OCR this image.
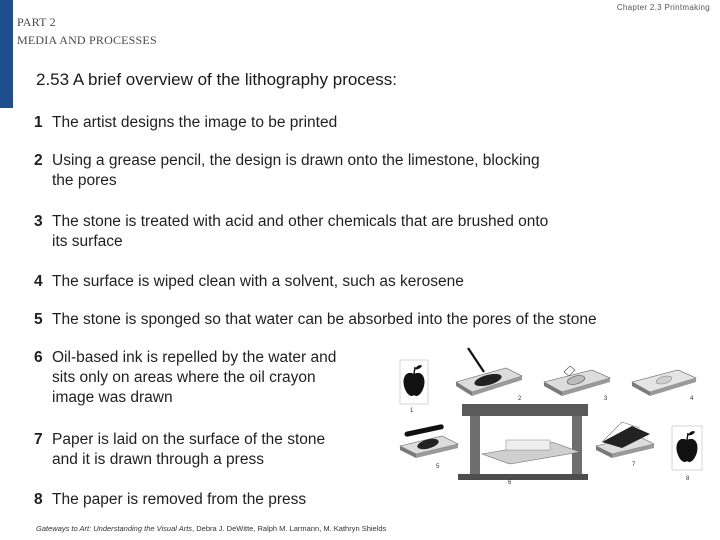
PART 2
MEDIA AND PROCESSES
Chapter 2.3 Printmaking
2.53 A brief overview of the lithography process:
1 The artist designs the image to be printed
2 Using a grease pencil, the design is drawn onto the limestone, blocking
the pores
3 The stone is treated with acid and other chemicals that are brushed onto
its surface
4 The surface is wiped clean with a solvent, such as kerosene
5 The stone is sponged so that water can be absorbed into the pores of the stone
6 Oil-based ink is repelled by the water and
sits only on areas where the oil crayon
image was drawn
7 Paper is laid on the surface of the stone
and it is drawn through a press
8 The paper is removed from the press
1
2	3	4
5
6
7
8
Gateways to Art: Understanding the Visual Arts, Debra J. DeWitte, Ralph M. Larmann, M. Kathryn Shields
